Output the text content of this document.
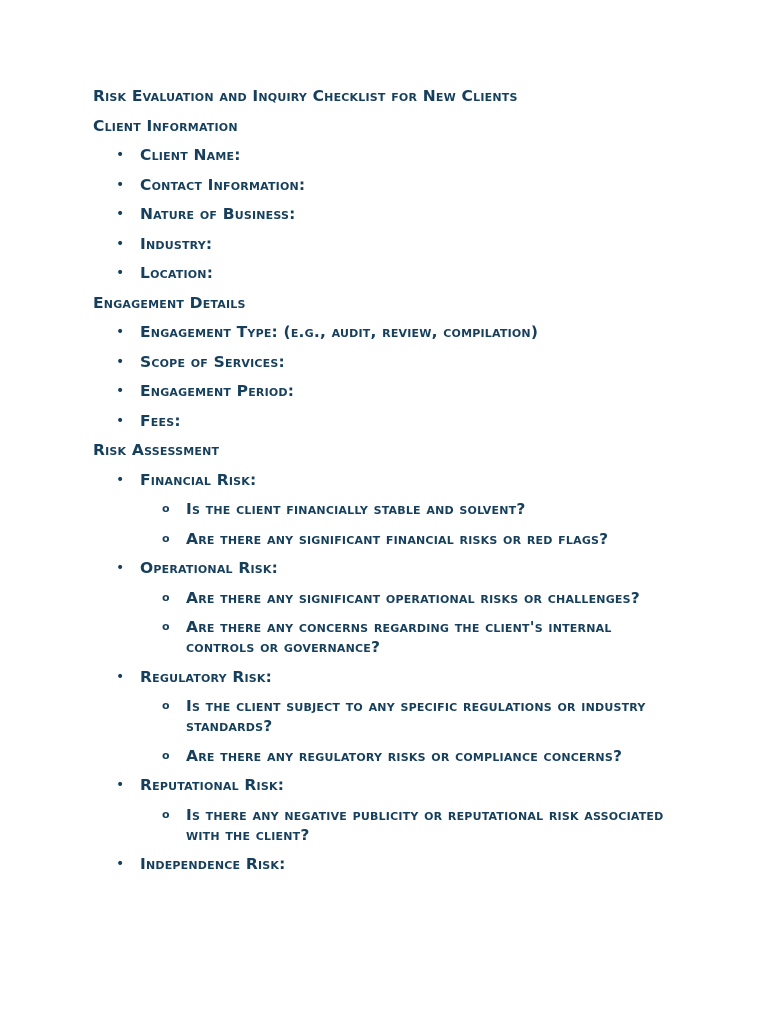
Risk Evaluation and Inquiry Checklist for New Clients
Client Information
• Client Name:
• Contact Information:
• Nature of Business:
• Industry:
• Location:
Engagement Details
• Engagement Type: (e.g., audit, review, compilation)
• Scope of Services:
• Engagement Period:
• Fees:
Risk Assessment
• Financial Risk:
o Is the client financially stable and solvent?
o Are there any significant financial risks or red flags?
• Operational Risk:
o Are there any significant operational risks or challenges?
o Are there any concerns regarding the client's internal controls or governance?
• Regulatory Risk:
o Is the client subject to any specific regulations or industry standards?
o Are there any regulatory risks or compliance concerns?
• Reputational Risk:
o Is there any negative publicity or reputational risk associated with the client?
• Independence Risk:
